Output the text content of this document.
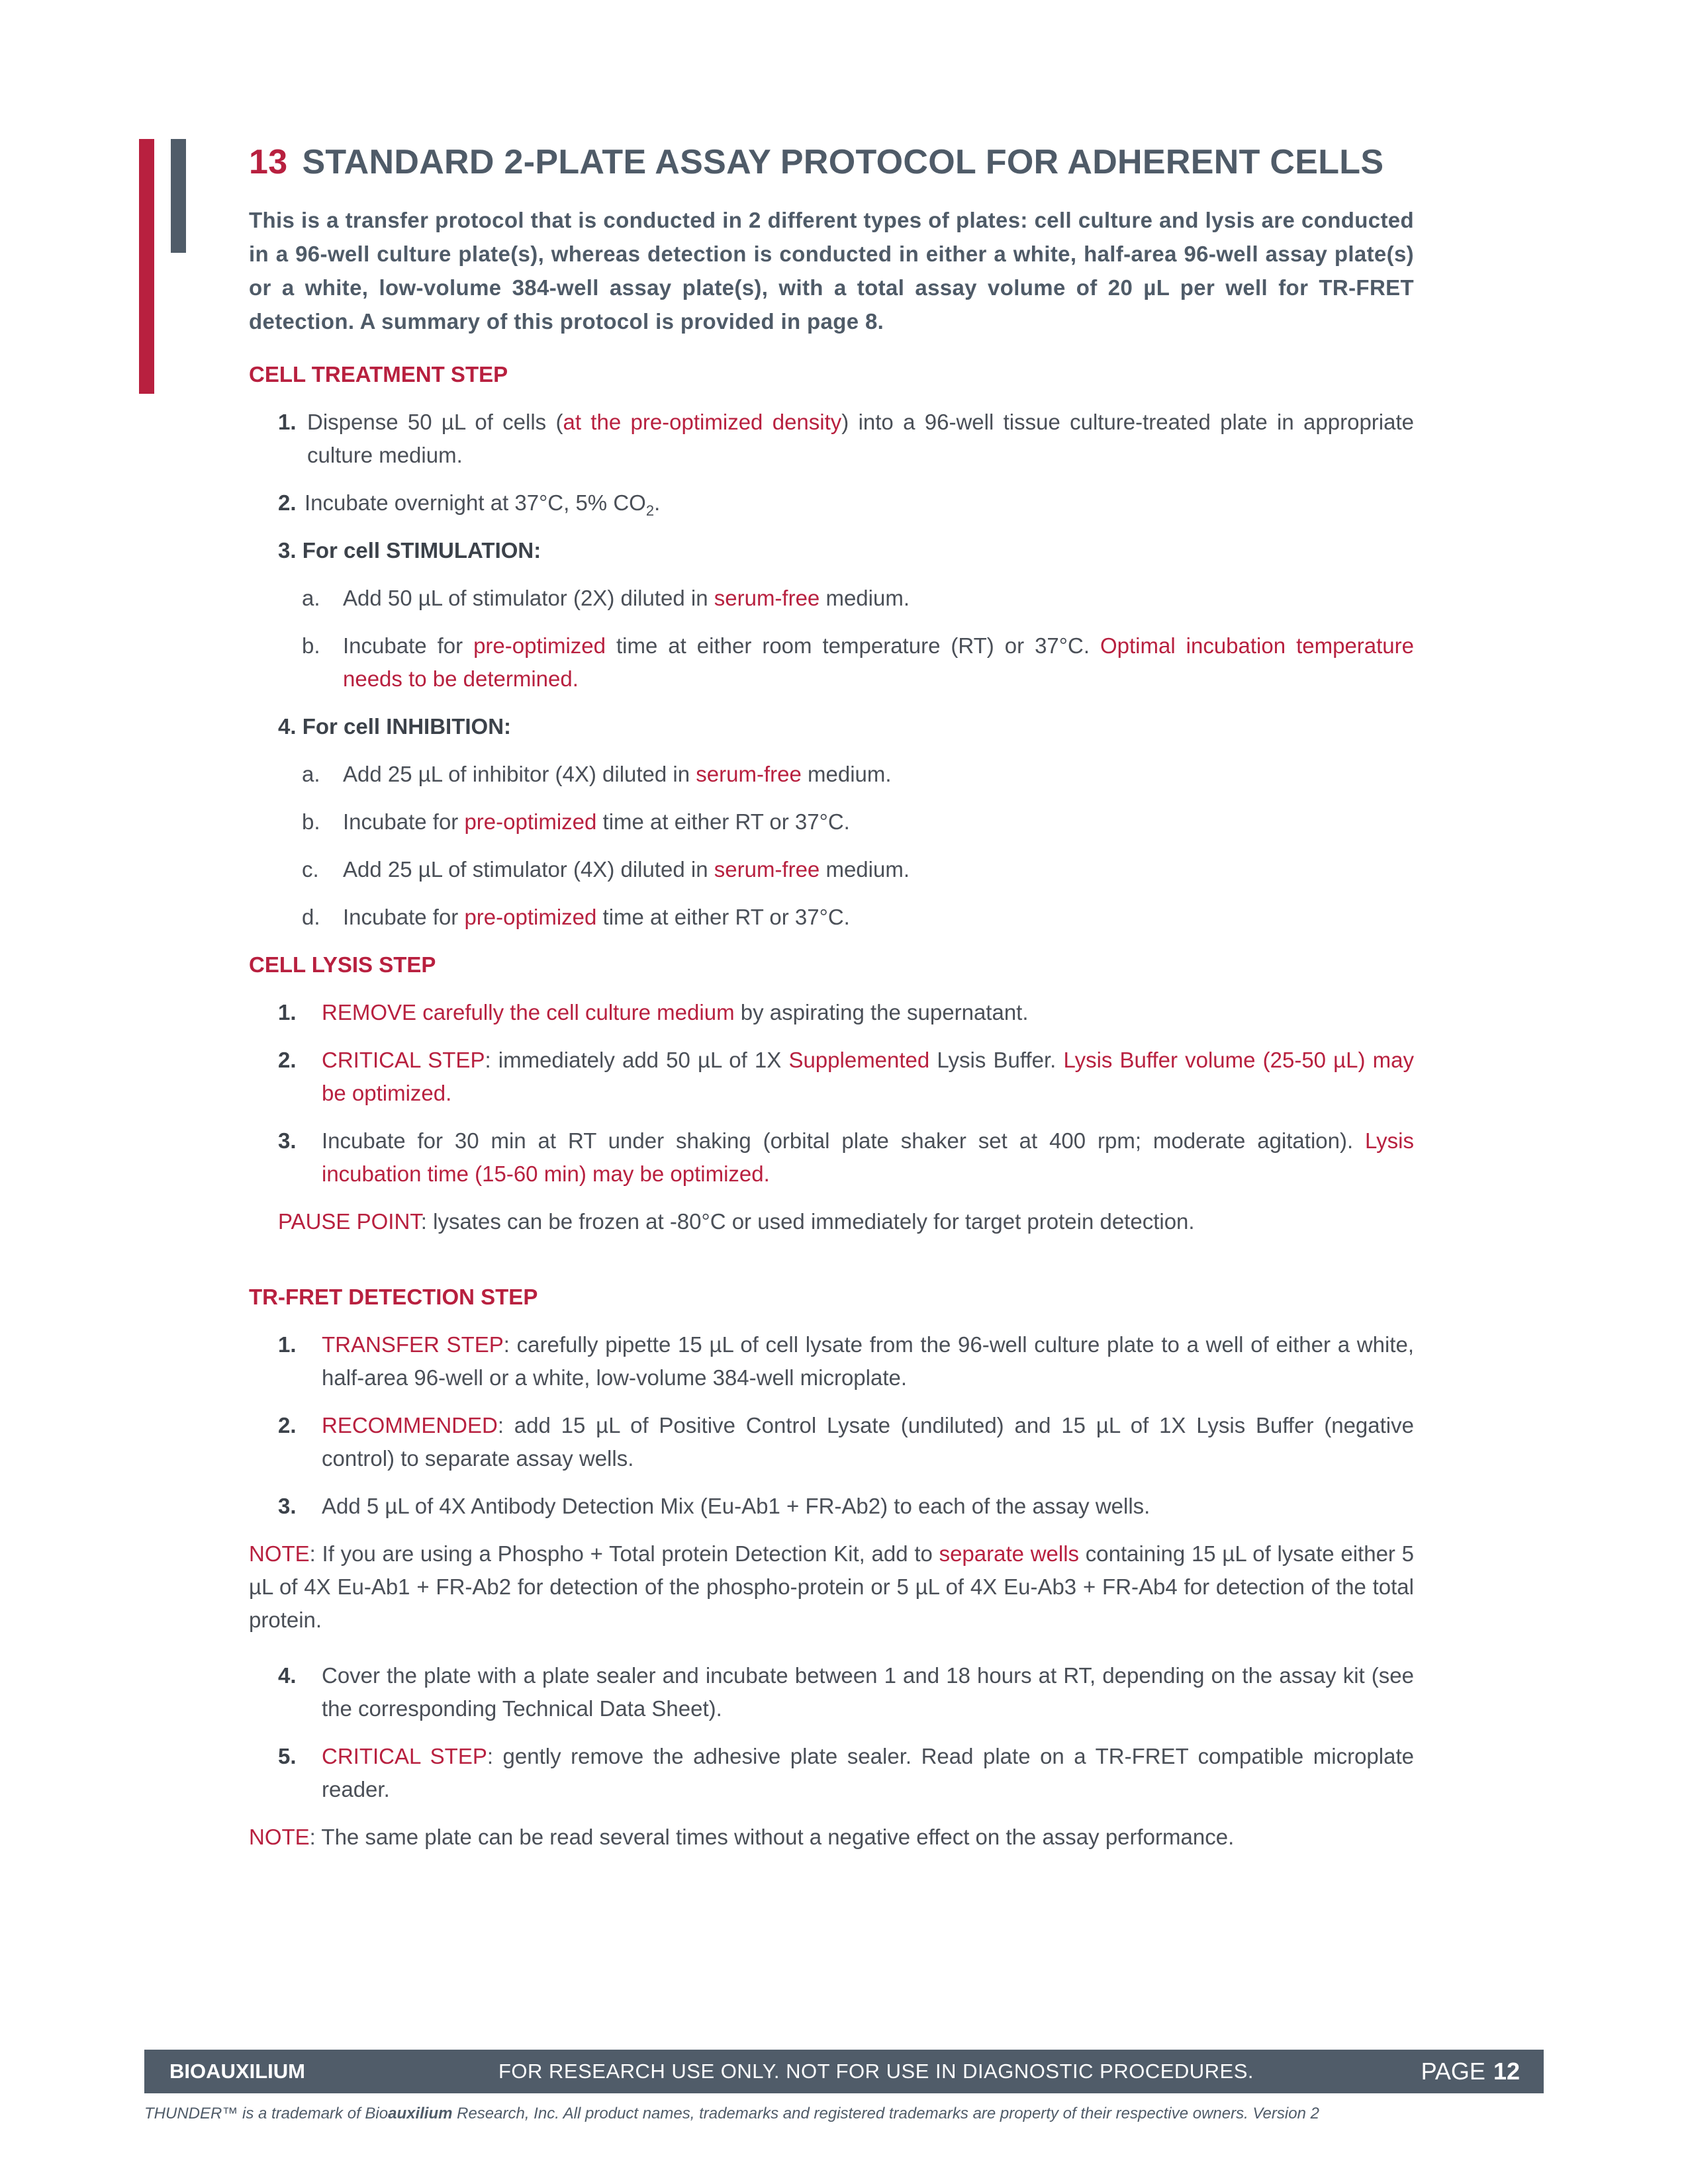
13 STANDARD 2-PLATE ASSAY PROTOCOL FOR ADHERENT CELLS

This is a transfer protocol that is conducted in 2 different types of plates: cell culture and lysis are conducted in a 96-well culture plate(s), whereas detection is conducted in either a white, half-area 96-well assay plate(s) or a white, low-volume 384-well assay plate(s), with a total assay volume of 20 µL per well for TR-FRET detection. A summary of this protocol is provided in page 8.

CELL TREATMENT STEP
1. Dispense 50 µL of cells (at the pre-optimized density) into a 96-well tissue culture-treated plate in appropriate culture medium.
2. Incubate overnight at 37°C, 5% $CO_2$.
3. For cell STIMULATION:
a. Add 50 µL of stimulator (2X) diluted in serum-free medium.
b. Incubate for pre-optimized time at either room temperature (RT) or 37°C. Optimal incubation temperature needs to be determined.
4. For cell INHIBITION:
a. Add 25 µL of inhibitor (4X) diluted in serum-free medium.
b. Incubate for pre-optimized time at either RT or 37°C.
c. Add 25 µL of stimulator (4X) diluted in serum-free medium.
d. Incubate for pre-optimized time at either RT or 37°C.
CELL LYSIS STEP
1. REMOVE carefully the cell culture medium by aspirating the supernatant.
2. CRITICAL STEP: immediately add 50 µL of 1X Supplemented Lysis Buffer. Lysis Buffer volume (25-50 µL) may be optimized.
3. Incubate for 30 min at RT under shaking (orbital plate shaker set at 400 rpm; moderate agitation). Lysis incubation time (15-60 min) may be optimized.
PAUSE POINT: lysates can be frozen at -80°C or used immediately for target protein detection.
TR-FRET DETECTION STEP
1. TRANSFER STEP: carefully pipette 15 µL of cell lysate from the 96-well culture plate to a well of either a white, half-area 96-well or a white, low-volume 384-well microplate.
2. RECOMMENDED: add 15 µL of Positive Control Lysate (undiluted) and 15 µL of 1X Lysis Buffer (negative control) to separate assay wells.
3. Add 5 µL of 4X Antibody Detection Mix (Eu-Ab1 + FR-Ab2) to each of the assay wells.
NOTE: If you are using a Phospho + Total protein Detection Kit, add to separate wells containing 15 µL of lysate either 5 µL of 4X Eu-Ab1 + FR-Ab2 for detection of the phospho-protein or 5 µL of 4X Eu-Ab3 + FR-Ab4 for detection of the total protein.
4. Cover the plate with a plate sealer and incubate between 1 and 18 hours at RT, depending on the assay kit (see the corresponding Technical Data Sheet).
5. CRITICAL STEP: gently remove the adhesive plate sealer. Read plate on a TR-FRET compatible microplate reader.
NOTE: The same plate can be read several times without a negative effect on the assay performance.
BIOAUXILIUM	FOR RESEARCH USE ONLY. NOT FOR USE IN DIAGNOSTIC PROCEDURES.	PAGE 12
THUNDER™ is a trademark of Bioauxilium Research, Inc. All product names, trademarks and registered trademarks are property of their respective owners. Version 2
